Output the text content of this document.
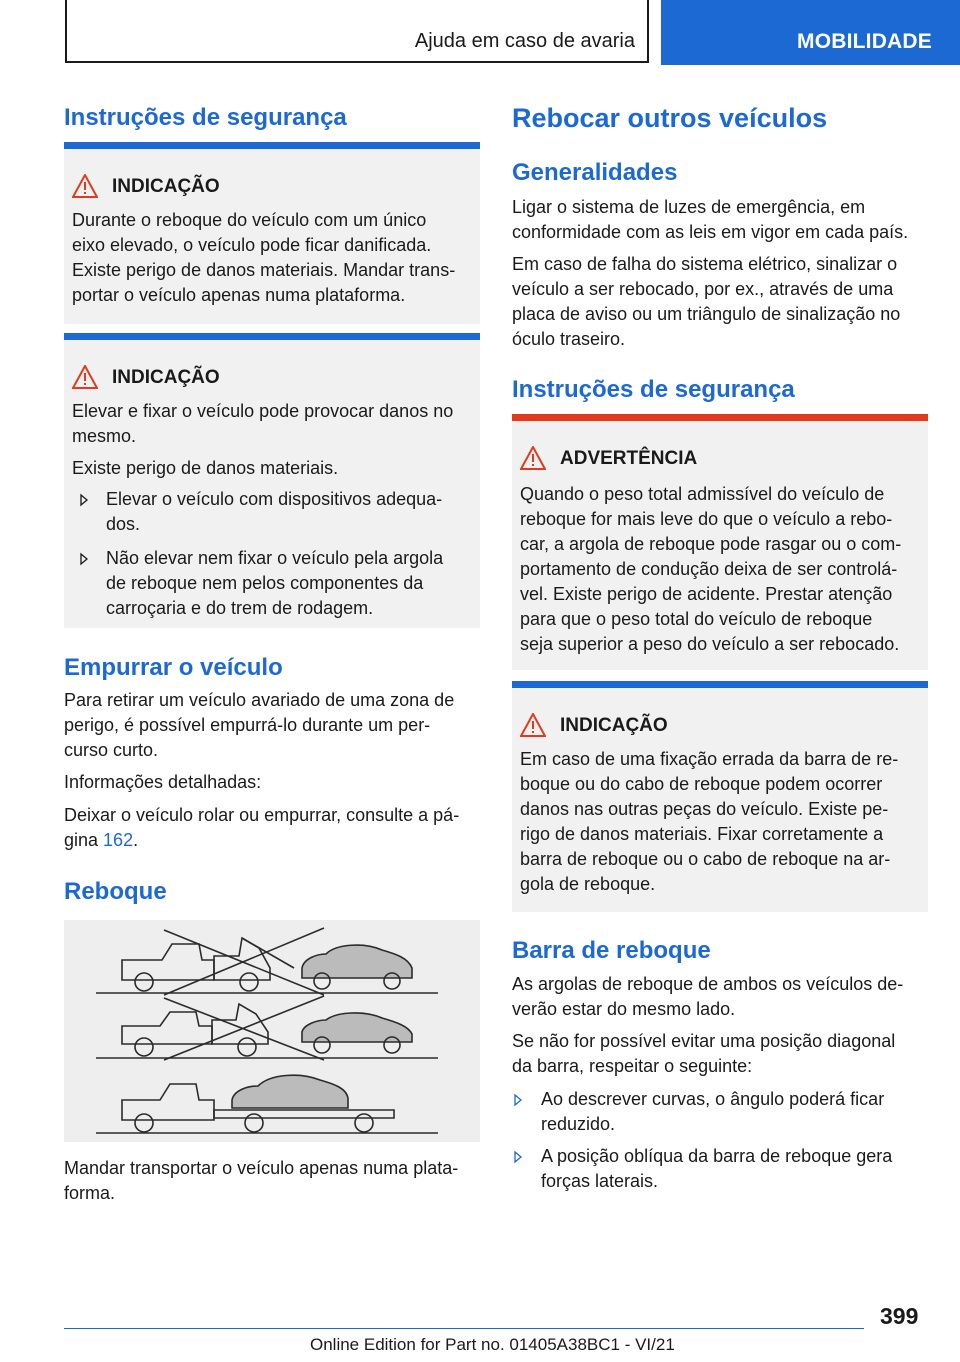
Ajuda em caso de avaria	MOBILIDADE
Instruções de segurança
INDICAÇÃO

Durante o reboque do veículo com um único

eixo elevado, o veículo pode ficar danificada.

Existe perigo de danos materiais. Mandar trans-

portar o veículo apenas numa plataforma.

INDICAÇÃO

Elevar e fixar o veículo pode provocar danos no

mesmo.

Existe perigo de danos materiais.

Elevar o veículo com dispositivos adequa-
dos.
Não elevar nem fixar o veículo pela argola
de reboque nem pelos componentes da
carroçaria e do trem de rodagem.
Empurrar o veículo

Para retirar um veículo avariado de uma zona de

perigo, é possível empurrá-lo durante um per-

curso curto.

Informações detalhadas:

Deixar o veículo rolar ou empurrar, consulte a pá-

gina 162.

Reboque

Mandar transportar o veículo apenas numa plata-

forma.

Rebocar outros veículos
Generalidades

Ligar o sistema de luzes de emergência, em

conformidade com as leis em vigor em cada país.

Em caso de falha do sistema elétrico, sinalizar o

veículo a ser rebocado, por ex., através de uma

placa de aviso ou um triângulo de sinalização no

óculo traseiro.

Instruções de segurança
ADVERTÊNCIA

Quando o peso total admissível do veículo de

reboque for mais leve do que o veículo a rebo-

car, a argola de reboque pode rasgar ou o com-

portamento de condução deixa de ser controlá-

vel. Existe perigo de acidente. Prestar atenção

para que o peso total do veículo de reboque

seja superior a peso do veículo a ser rebocado.

INDICAÇÃO

Em caso de uma fixação errada da barra de re-

boque ou do cabo de reboque podem ocorrer

danos nas outras peças do veículo. Existe pe-

rigo de danos materiais. Fixar corretamente a

barra de reboque ou o cabo de reboque na ar-

gola de reboque.

Barra de reboque

As argolas de reboque de ambos os veículos de-

verão estar do mesmo lado.

Se não for possível evitar uma posição diagonal

da barra, respeitar o seguinte:

Ao descrever curvas, o ângulo poderá ficar
reduzido.
A posição oblíqua da barra de reboque gera
forças laterais.
399
Online Edition for Part no. 01405A38BC1 - VI/21
